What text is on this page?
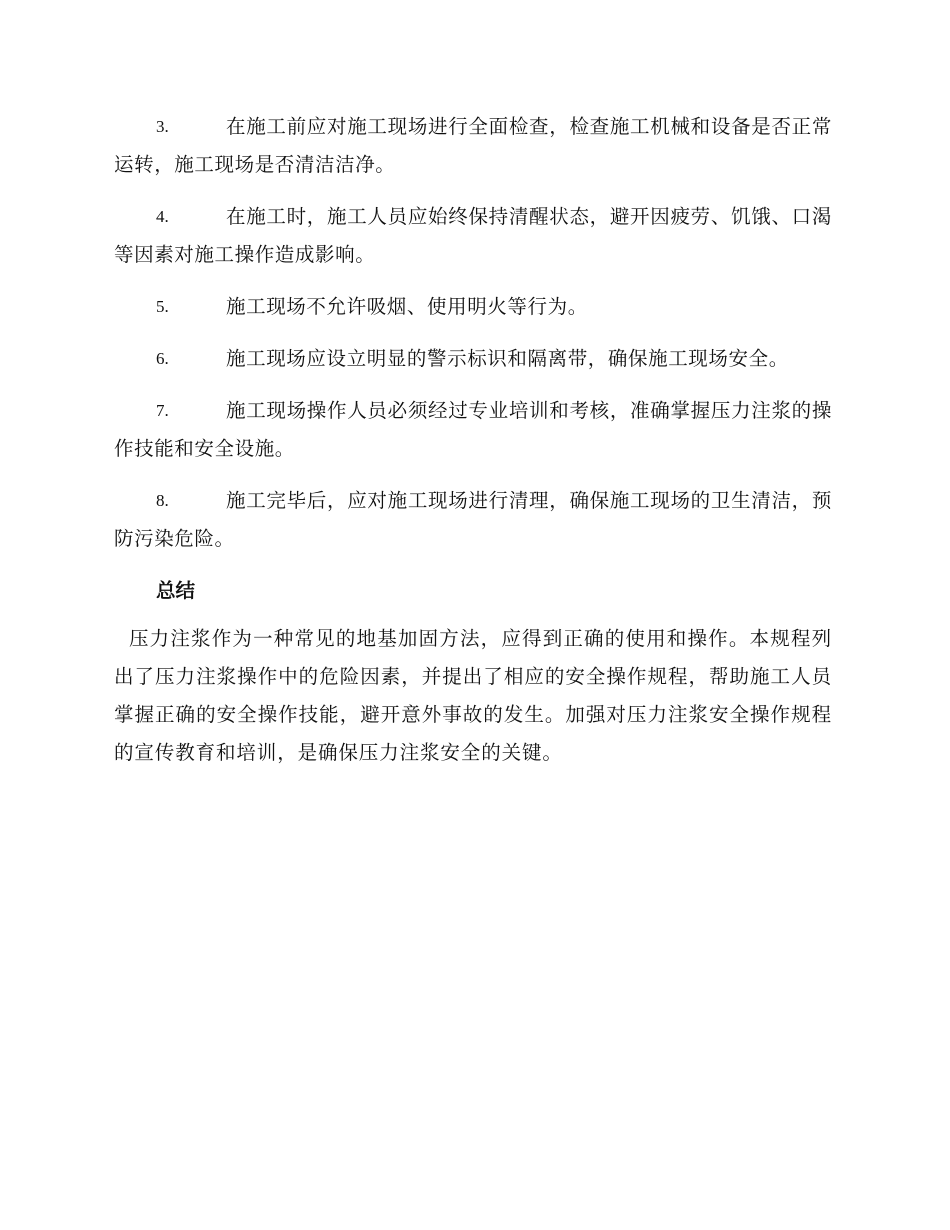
3.	在施工前应对施工现场进行全面检查，检查施工机械和设备是否正常运转，施工现场是否清洁洁净。
4.	在施工时，施工人员应始终保持清醒状态，避开因疲劳、饥饿、口渴等因素对施工操作造成影响。
5.	施工现场不允许吸烟、使用明火等行为。
6.	施工现场应设立明显的警示标识和隔离带，确保施工现场安全。
7.	施工现场操作人员必须经过专业培训和考核，准确掌握压力注浆的操作技能和安全设施。
8.	施工完毕后，应对施工现场进行清理，确保施工现场的卫生清洁，预防污染危险。
总结
压力注浆作为一种常见的地基加固方法，应得到正确的使用和操作。本规程列出了压力注浆操作中的危险因素，并提出了相应的安全操作规程，帮助施工人员掌握正确的安全操作技能，避开意外事故的发生。加强对压力注浆安全操作规程的宣传教育和培训，是确保压力注浆安全的关键。
